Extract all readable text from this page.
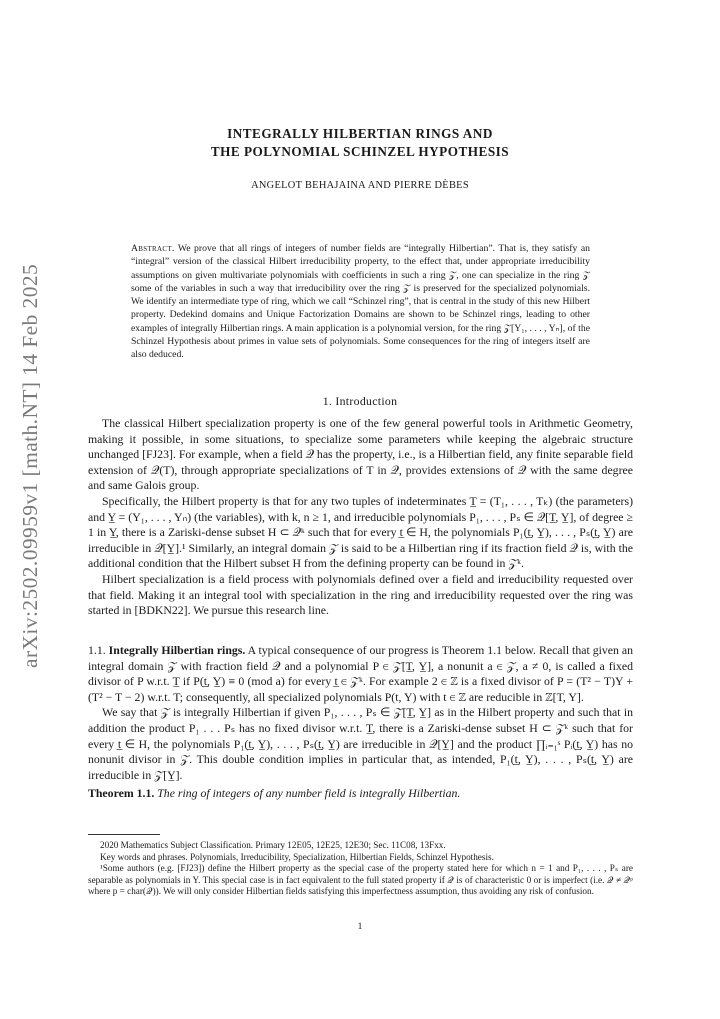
arXiv:2502.09959v1 [math.NT] 14 Feb 2025
INTEGRALLY HILBERTIAN RINGS AND
THE POLYNOMIAL SCHINZEL HYPOTHESIS
ANGELOT BEHAJAINA AND PIERRE DÈBES
Abstract. We prove that all rings of integers of number fields are “integrally Hilbertian”. That is, they satisfy an “integral” version of the classical Hilbert irreducibility property, to the effect that, under appropriate irreducibility assumptions on given multivariate polynomials with coefficients in such a ring 𝒵, one can specialize in the ring 𝒵 some of the variables in such a way that irreducibility over the ring 𝒵 is preserved for the specialized polynomials. We identify an intermediate type of ring, which we call “Schinzel ring”, that is central in the study of this new Hilbert property. Dedekind domains and Unique Factorization Domains are shown to be Schinzel rings, leading to other examples of integrally Hilbertian rings. A main application is a polynomial version, for the ring 𝒵[Y₁, . . . , Yₙ], of the Schinzel Hypothesis about primes in value sets of polynomials. Some consequences for the ring of integers itself are also deduced.
1. Introduction

The classical Hilbert specialization property is one of the few general powerful tools in Arithmetic Geometry, making it possible, in some situations, to specialize some parameters while keeping the algebraic structure unchanged [FJ23]. For example, when a field 𝒬 has the property, i.e., is a Hilbertian field, any finite separable field extension of 𝒬(T), through appropriate specializations of T in 𝒬, provides extensions of 𝒬 with the same degree and same Galois group.

Specifically, the Hilbert property is that for any two tuples of indeterminates T̲ = (T₁, . . . , Tₖ) (the parameters) and Y̲ = (Y₁, . . . , Yₙ) (the variables), with k, n ≥ 1, and irreducible polynomials P₁, . . . , Pₛ ∈ 𝒬[T̲, Y̲], of degree ≥ 1 in Y̲, there is a Zariski-dense subset H ⊂ 𝒬ᵏ such that for every t̲ ∈ H, the polynomials P₁(t̲, Y̲), . . . , Pₛ(t̲, Y̲) are irreducible in 𝒬[Y̲].¹ Similarly, an integral domain 𝒵 is said to be a Hilbertian ring if its fraction field 𝒬 is, with the additional condition that the Hilbert subset H from the defining property can be found in 𝒵ᵏ.

Hilbert specialization is a field process with polynomials defined over a field and irreducibility requested over that field. Making it an integral tool with specialization in the ring and irreducibility requested over the ring was started in [BDKN22]. We pursue this research line.

1.1. Integrally Hilbertian rings. A typical consequence of our progress is Theorem 1.1 below. Recall that given an integral domain 𝒵 with fraction field 𝒬 and a polynomial P ∈ 𝒵[T̲, Y̲], a nonunit a ∈ 𝒵, a ≠ 0, is called a fixed divisor of P w.r.t. T̲ if P(t̲, Y̲) ≡ 0 (mod a) for every t̲ ∈ 𝒵ᵏ. For example 2 ∈ ℤ is a fixed divisor of P = (T² − T)Y + (T² − T − 2) w.r.t. T; consequently, all specialized polynomials P(t, Y) with t ∈ ℤ are reducible in ℤ[T, Y].

We say that 𝒵 is integrally Hilbertian if given P₁, . . . , Pₛ ∈ 𝒵[T̲, Y̲] as in the Hilbert property and such that in addition the product P₁ . . . Pₛ has no fixed divisor w.r.t. T̲, there is a Zariski-dense subset H ⊂ 𝒵ᵏ such that for every t̲ ∈ H, the polynomials P₁(t̲, Y̲), . . . , Pₛ(t̲, Y̲) are irreducible in 𝒬[Y̲] and the product ∏ᵢ₌₁ˢ Pᵢ(t̲, Y̲) has no nonunit divisor in 𝒵. This double condition implies in particular that, as intended, P₁(t̲, Y̲), . . . , Pₛ(t̲, Y̲) are irreducible in 𝒵[Y̲].

Theorem 1.1. The ring of integers of any number field is integrally Hilbertian.

2020 Mathematics Subject Classification. Primary 12E05, 12E25, 12E30; Sec. 11C08, 13Fxx.

Key words and phrases. Polynomials, Irreducibility, Specialization, Hilbertian Fields, Schinzel Hypothesis.

¹Some authors (e.g. [FJ23]) define the Hilbert property as the special case of the property stated here for which n = 1 and P₁, . . . , Pₛ are separable as polynomials in Y. This special case is in fact equivalent to the full stated property if 𝒬 is of characteristic 0 or is imperfect (i.e. 𝒬 ≠ 𝒬ᵖ where p = char(𝒬)). We will only consider Hilbertian fields satisfying this imperfectness assumption, thus avoiding any risk of confusion.

1
